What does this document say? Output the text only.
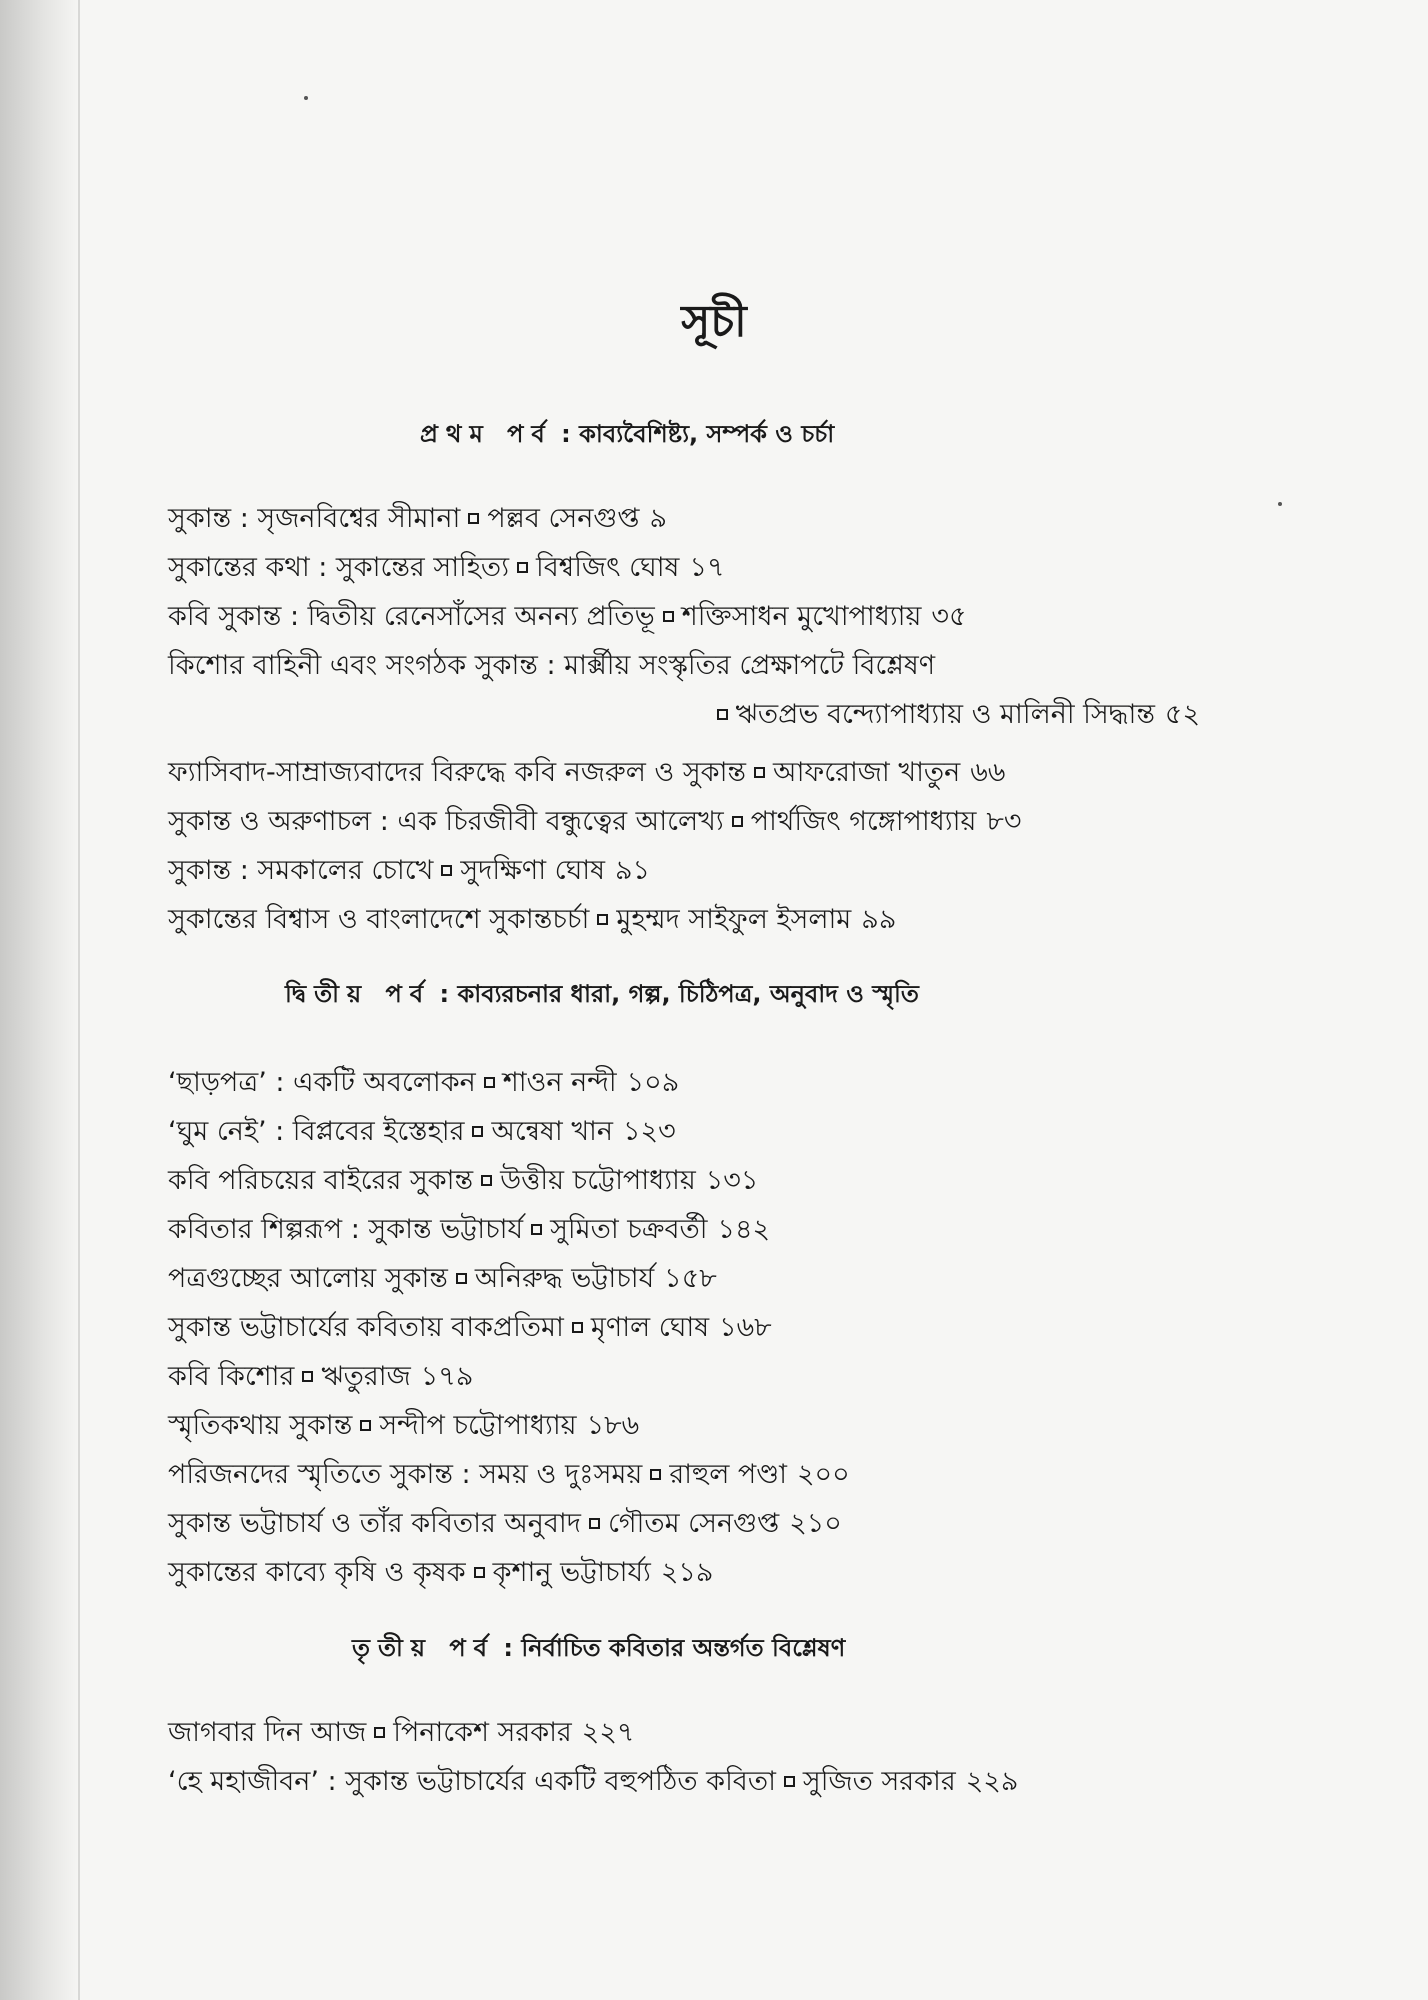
সূচী
প্রথম পর্ব : কাব্যবৈশিষ্ট্য, সম্পর্ক ও চর্চা
সুকান্ত : সৃজনবিশ্বের সীমানা পল্লব সেনগুপ্ত ৯
সুকান্তের কথা : সুকান্তের সাহিত্য বিশ্বজিৎ ঘোষ ১৭
কবি সুকান্ত : দ্বিতীয় রেনেসাঁসের অনন্য প্রতিভূ শক্তিসাধন মুখোপাধ্যায় ৩৫
কিশোর বাহিনী এবং সংগঠক সুকান্ত : মার্ক্সীয় সংস্কৃতির প্রেক্ষাপটে বিশ্লেষণ
ঋতপ্রভ বন্দ্যোপাধ্যায় ও মালিনী সিদ্ধান্ত ৫২
ফ্যাসিবাদ-সাম্রাজ্যবাদের বিরুদ্ধে কবি নজরুল ও সুকান্ত আফরোজা খাতুন ৬৬
সুকান্ত ও অরুণাচল : এক চিরজীবী বন্ধুত্বের আলেখ্য পার্থজিৎ গঙ্গোপাধ্যায় ৮৩
সুকান্ত : সমকালের চোখে সুদক্ষিণা ঘোষ ৯১
সুকান্তের বিশ্বাস ও বাংলাদেশে সুকান্তচর্চা মুহম্মদ সাইফুল ইসলাম ৯৯
দ্বিতীয় পর্ব : কাব্যরচনার ধারা, গল্প, চিঠিপত্র, অনুবাদ ও স্মৃতি
‘ছাড়পত্র’ : একটি অবলোকন শাওন নন্দী ১০৯
‘ঘুম নেই’ : বিপ্লবের ইস্তেহার অন্বেষা খান ১২৩
কবি পরিচয়ের বাইরের সুকান্ত উত্তীয় চট্টোপাধ্যায় ১৩১
কবিতার শিল্পরূপ : সুকান্ত ভট্টাচার্য সুমিতা চক্রবর্তী ১৪২
পত্রগুচ্ছের আলোয় সুকান্ত অনিরুদ্ধ ভট্টাচার্য ১৫৮
সুকান্ত ভট্টাচার্যের কবিতায় বাকপ্রতিমা মৃণাল ঘোষ ১৬৮
কবি কিশোর ঋতুরাজ ১৭৯
স্মৃতিকথায় সুকান্ত সন্দীপ চট্টোপাধ্যায় ১৮৬
পরিজনদের স্মৃতিতে সুকান্ত : সময় ও দুঃসময় রাহুল পণ্ডা ২০০
সুকান্ত ভট্টাচার্য ও তাঁর কবিতার অনুবাদ গৌতম সেনগুপ্ত ২১০
সুকান্তের কাব্যে কৃষি ও কৃষক কৃশানু ভট্টাচার্য্য ২১৯
তৃতীয় পর্ব : নির্বাচিত কবিতার অন্তর্গত বিশ্লেষণ
জাগবার দিন আজ পিনাকেশ সরকার ২২৭
‘হে মহাজীবন’ : সুকান্ত ভট্টাচার্যের একটি বহুপঠিত কবিতা সুজিত সরকার ২২৯
